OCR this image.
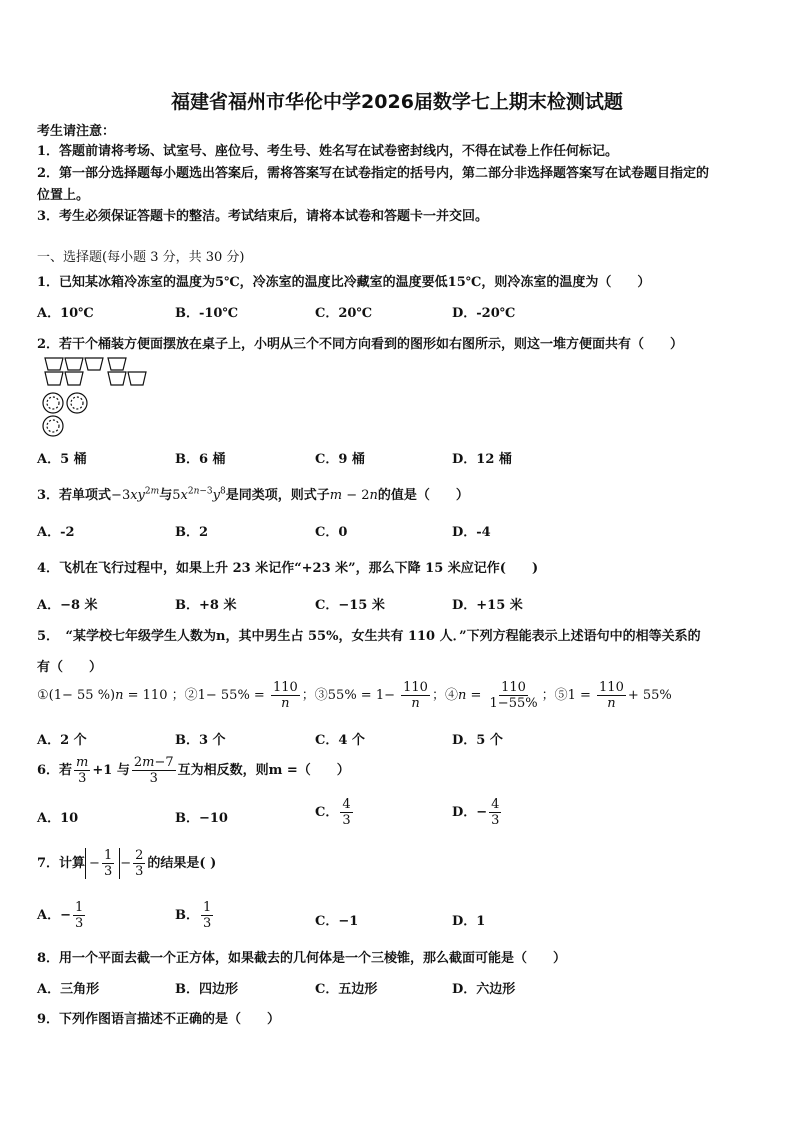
福建省福州市华伦中学2026届数学七上期末检测试题
考生请注意：
1．答题前请将考场、试室号、座位号、考生号、姓名写在试卷密封线内，不得在试卷上作任何标记。
2．第一部分选择题每小题选出答案后，需将答案写在试卷指定的括号内，第二部分非选择题答案写在试卷题目指定的
位置上。
3．考生必须保证答题卡的整洁。考试结束后，请将本试卷和答题卡一并交回。
一、选择题(每小题 3 分，共 30 分)
1．已知某冰箱冷冻室的温度为5℃，冷冻室的温度比冷藏室的温度要低15℃，则冷冻室的温度为（　　）
A．10℃	B．-10℃	C．20℃	D．-20℃
2．若干个桶装方便面摆放在桌子上，小明从三个不同方向看到的图形如右图所示，则这一堆方便面共有（　　）
A．5 桶	B．6 桶	C．9 桶	D．12 桶
3．若单项式$-3xy^{2m}$与$5x^{2n-3}y^8$是同类项，则式子m − 2n的值是（　　）
A．-2	B．2	C．0	D．-4
4．飞机在飞行过程中，如果上升 23 米记作“+23 米”，那么下降 15 米应记作(　　)
A．−8 米	B．+8 米	C．−15 米	D．+15 米
5．　“某学校七年级学生人数为n，其中男生占 55%，女生共有 110 人．”下列方程能表示上述语句中的相等关系的
有（　　）
①(1− 55 %)n = 110 ；②1− $55\% = \frac{110}{n}$ ；③55% = $1- \frac{110}{n}$ ；④n = $\frac{110}{1-55\%}$ ；⑤1 = $\frac{110}{n} + 55\%$
A．2 个	B．3 个	C．4 个	D．5 个
6．若 $\frac{m}{3} +1$ 与 $\frac{2m-7}{3}$ 互为相反数，则m =（　　）
A．10	B．−10	C． $\frac{4}{3}$	D．− $\frac{4}{3}$
7．计算 − $\frac{1}{3} - \frac{2}{3}$ 的结果是( )
A．− $\frac{1}{3}$	B． $\frac{1}{3}$	C．−1	D．1
8．用一个平面去截一个正方体，如果截去的几何体是一个三棱锥，那么截面可能是（　　）
A．三角形	B．四边形	C．五边形	D．六边形
9．下列作图语言描述不正确的是（　　）
